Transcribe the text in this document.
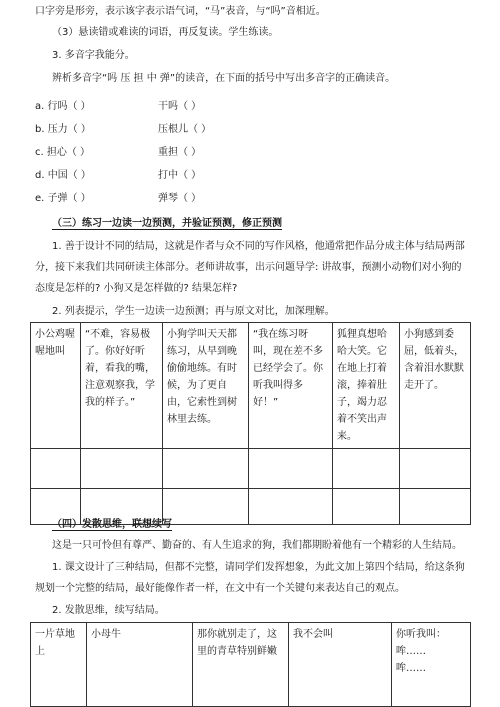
口字旁是形旁，表示该字表示语气词，“马”表音，与“吗”音相近。
（3）悬读错或难读的词语，再反复读。学生练读。
3. 多音字我能分。
辨析多音字“吗 压 担 中 弹”的读音，在下面的括号中写出多音字的正确读音。
a. 行吗（ ）	干吗（ ）
b. 压力（ ）	压根儿（ ）
c. 担心（ ）	重担（ ）
d. 中国（ ）	打中（ ）
e. 子弹（ ）	弹琴（ ）
（三）练习一边读一边预测，并验证预测，修正预测
1. 善于设计不同的结局，这就是作者与众不同的写作风格，他通常把作品分成主体与结局两部
分，接下来我们共同研读主体部分。老师讲故事，出示问题导学: 讲故事，预测小动物们对小狗的
态度是怎样的? 小狗又是怎样做的? 结果怎样?
2. 列表提示，学生一边读一边预测；再与原文对比，加深理解。
小公鸡喔喔地叫	“不难，容易极了。你好好听着，看我的嘴，注意观察我，学我的样子。”	小狗学叫天天都练习，从早到晚偷偷地练。有时候，为了更自由，它索性到树林里去练。	“我在练习呀叫，现在差不多已经学会了。你听我叫得多好！”	狐狸真想哈哈大笑。它在地上打着滚，捧着肚子，竭力忍着不笑出声来。	小狗感到委屈，低着头，含着泪水默默走开了。

（四）发散思维，联想续写
这是一只可怜但有尊严、勤奋的、有人生追求的狗，我们都期盼着他有一个精彩的人生结局。
1. 课文设计了三种结局，但都不完整，请同学们发挥想象，为此文加上第四个结局，给这条狗
规划一个完整的结局，最好能像作者一样，在文中有一个关键句来表达自己的观点。
2. 发散思维，续写结局。
一片草地上	小母牛	那你就别走了，这里的青草特别鲜嫩	我不会叫	你听我叫：
哞……
哞……
